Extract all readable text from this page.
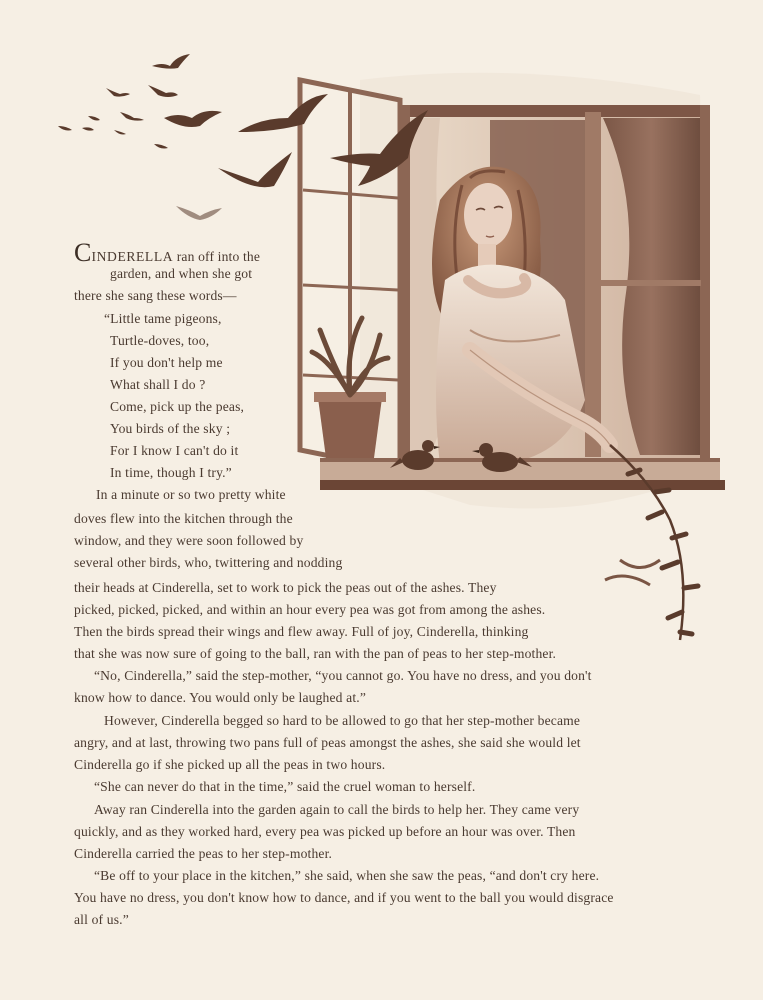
CINDERELLA ran off into the
garden, and when she got
there she sang these words—
“Little tame pigeons,
Turtle-doves, too,
If you don't help me
What shall I do ?
Come, pick up the peas,
You birds of the sky ;
For I know I can't do it
In time, though I try.”
In a minute or so two pretty white
doves flew into the kitchen through the
window, and they were soon followed by
several other birds, who, twittering and nodding
their heads at Cinderella, set to work to pick the peas out of the ashes. They
picked, picked, picked, and within an hour every pea was got from among the ashes.
Then the birds spread their wings and flew away. Full of joy, Cinderella, thinking
that she was now sure of going to the ball, ran with the pan of peas to her step-mother.
“No, Cinderella,” said the step-mother, “you cannot go. You have no dress, and you don't
know how to dance. You would only be laughed at.”
However, Cinderella begged so hard to be allowed to go that her step-mother became
angry, and at last, throwing two pans full of peas amongst the ashes, she said she would let
Cinderella go if she picked up all the peas in two hours.
“She can never do that in the time,” said the cruel woman to herself.
Away ran Cinderella into the garden again to call the birds to help her. They came very
quickly, and as they worked hard, every pea was picked up before an hour was over. Then
Cinderella carried the peas to her step-mother.
“Be off to your place in the kitchen,” she said, when she saw the peas, “and don't cry here.
You have no dress, you don't know how to dance, and if you went to the ball you would disgrace
all of us.”
